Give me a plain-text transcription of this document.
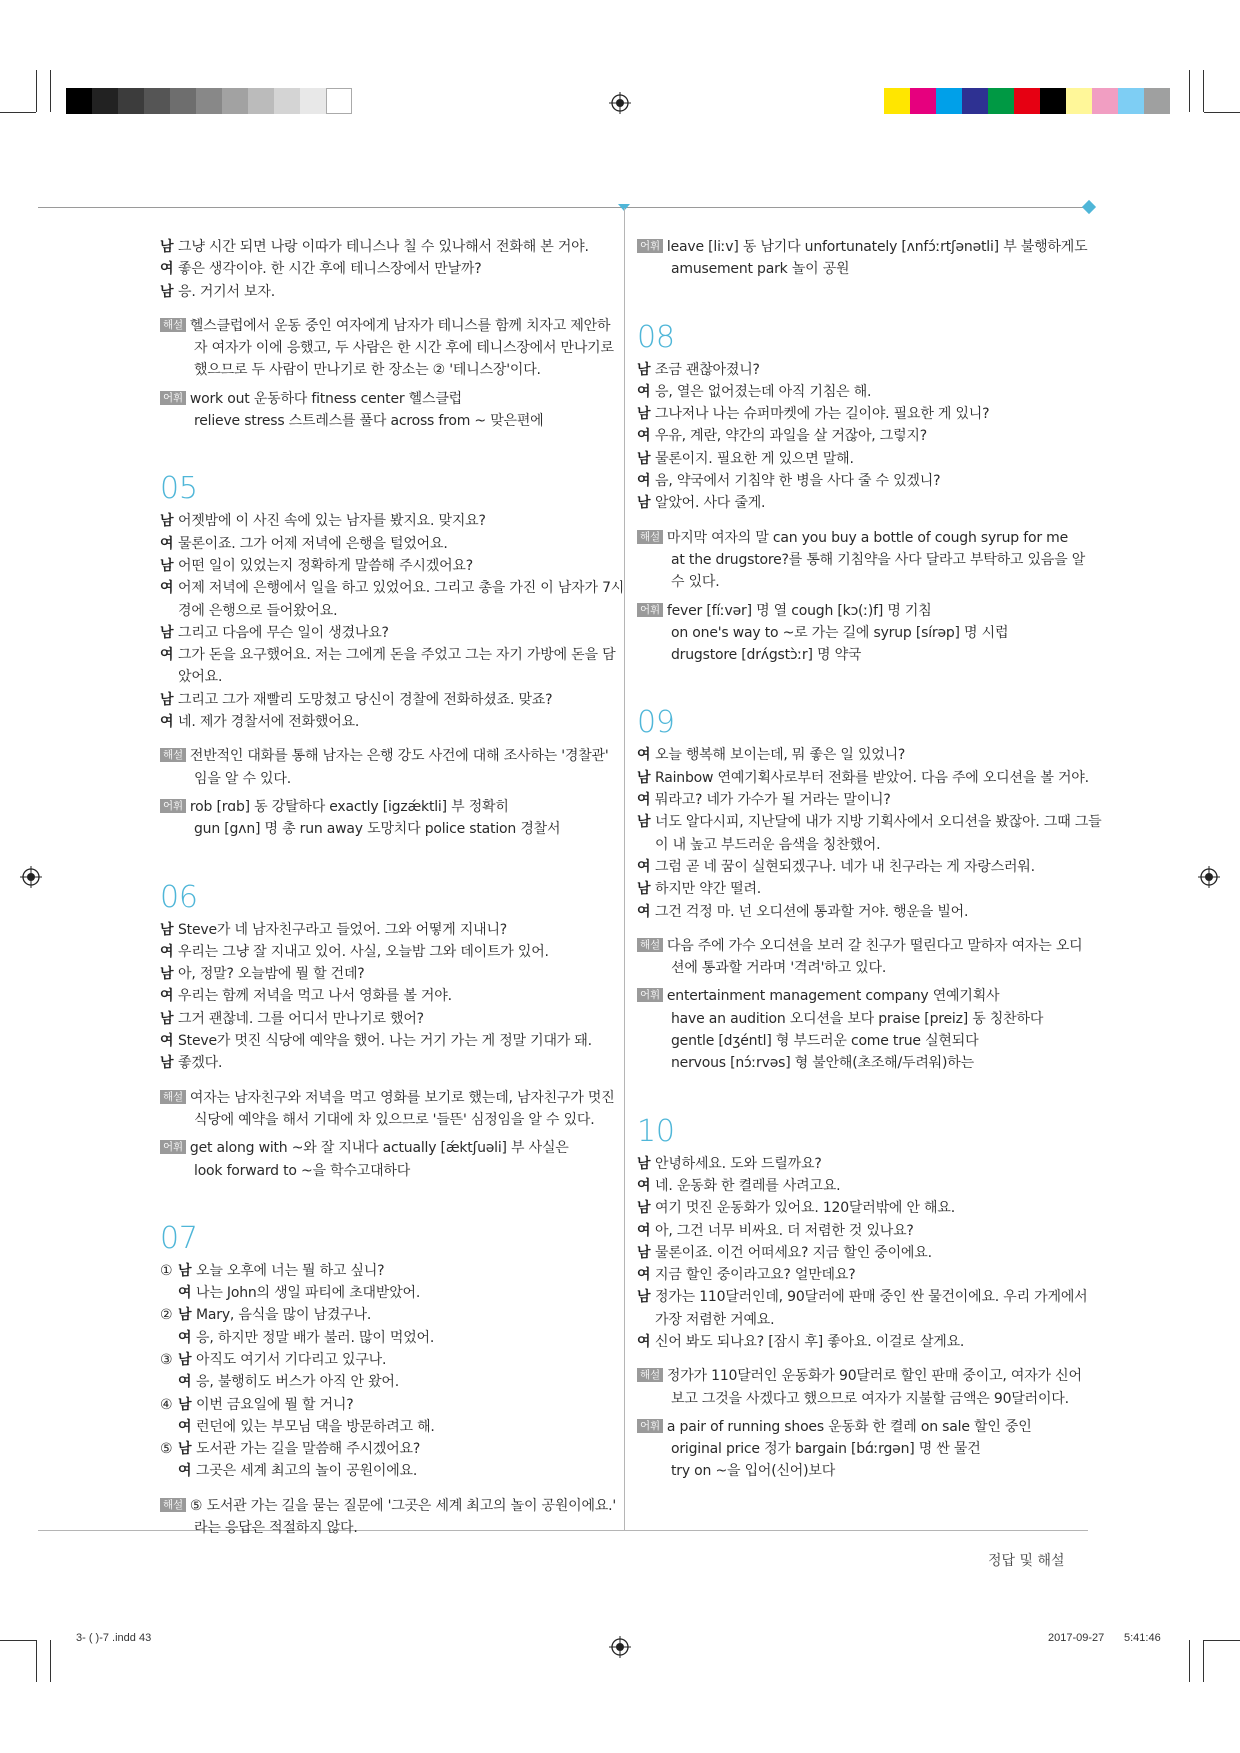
남 그냥 시간 되면 나랑 이따가 테니스나 칠 수 있나해서 전화해 본 거야.
여 좋은 생각이야. 한 시간 후에 테니스장에서 만날까?
남 응. 거기서 보자.
해설 헬스클럽에서 운동 중인 여자에게 남자가 테니스를 함께 치자고 제안하
자 여자가 이에 응했고, 두 사람은 한 시간 후에 테니스장에서 만나기로
했으므로 두 사람이 만나기로 한 장소는 ② '테니스장'이다.
어휘 work out 운동하다 fitness center 헬스클럽
relieve stress 스트레스를 풀다 across from ~ 맞은편에
05
남 어젯밤에 이 사진 속에 있는 남자를 봤지요. 맞지요?
여 물론이죠. 그가 어제 저녁에 은행을 털었어요.
남 어떤 일이 있었는지 정확하게 말씀해 주시겠어요?
여 어제 저녁에 은행에서 일을 하고 있었어요. 그리고 총을 가진 이 남자가 7시
경에 은행으로 들어왔어요.
남 그리고 다음에 무슨 일이 생겼나요?
여 그가 돈을 요구했어요. 저는 그에게 돈을 주었고 그는 자기 가방에 돈을 담
았어요.
남 그리고 그가 재빨리 도망쳤고 당신이 경찰에 전화하셨죠. 맞죠?
여 네. 제가 경찰서에 전화했어요.
해설 전반적인 대화를 통해 남자는 은행 강도 사건에 대해 조사하는 '경찰관'
임을 알 수 있다.
어휘 rob [rɑb] 동 강탈하다 exactly [igzǽktli] 부 정확히
gun [gʌn] 명 총 run away 도망치다 police station 경찰서
06
남 Steve가 네 남자친구라고 들었어. 그와 어떻게 지내니?
여 우리는 그냥 잘 지내고 있어. 사실, 오늘밤 그와 데이트가 있어.
남 아, 정말? 오늘밤에 뭘 할 건데?
여 우리는 함께 저녁을 먹고 나서 영화를 볼 거야.
남 그거 괜찮네. 그를 어디서 만나기로 했어?
여 Steve가 멋진 식당에 예약을 했어. 나는 거기 가는 게 정말 기대가 돼.
남 좋겠다.
해설 여자는 남자친구와 저녁을 먹고 영화를 보기로 했는데, 남자친구가 멋진
식당에 예약을 해서 기대에 차 있으므로 '들뜬' 심정임을 알 수 있다.
어휘 get along with ~와 잘 지내다 actually [ǽktʃuəli] 부 사실은
look forward to ~을 학수고대하다
07
① 남 오늘 오후에 너는 뭘 하고 싶니?
여 나는 John의 생일 파티에 초대받았어.
② 남 Mary, 음식을 많이 남겼구나.
여 응, 하지만 정말 배가 불러. 많이 먹었어.
③ 남 아직도 여기서 기다리고 있구나.
여 응, 불행히도 버스가 아직 안 왔어.
④ 남 이번 금요일에 뭘 할 거니?
여 런던에 있는 부모님 댁을 방문하려고 해.
⑤ 남 도서관 가는 길을 말씀해 주시겠어요?
여 그곳은 세계 최고의 놀이 공원이에요.
해설 ⑤ 도서관 가는 길을 묻는 질문에 '그곳은 세계 최고의 놀이 공원이에요.'
라는 응답은 적절하지 않다.
어휘 leave [liːv] 동 남기다 unfortunately [ʌnfɔ́ːrtʃənətli] 부 불행하게도
amusement park 놀이 공원
08
남 조금 괜찮아졌니?
여 응, 열은 없어졌는데 아직 기침은 해.
남 그나저나 나는 슈퍼마켓에 가는 길이야. 필요한 게 있니?
여 우유, 계란, 약간의 과일을 살 거잖아, 그렇지?
남 물론이지. 필요한 게 있으면 말해.
여 음, 약국에서 기침약 한 병을 사다 줄 수 있겠니?
남 알았어. 사다 줄게.
해설 마지막 여자의 말 can you buy a bottle of cough syrup for me
at the drugstore?를 통해 기침약을 사다 달라고 부탁하고 있음을 알
수 있다.
어휘 fever [fíːvər] 명 열 cough [kɔ(ː)f] 명 기침
on one's way to ~로 가는 길에 syrup [sírəp] 명 시럽
drugstore [drʌ́gstɔ̀ːr] 명 약국
09
여 오늘 행복해 보이는데, 뭐 좋은 일 있었니?
남 Rainbow 연예기획사로부터 전화를 받았어. 다음 주에 오디션을 볼 거야.
여 뭐라고? 네가 가수가 될 거라는 말이니?
남 너도 알다시피, 지난달에 내가 지방 기획사에서 오디션을 봤잖아. 그때 그들
이 내 높고 부드러운 음색을 칭찬했어.
여 그럼 곧 네 꿈이 실현되겠구나. 네가 내 친구라는 게 자랑스러워.
남 하지만 약간 떨려.
여 그건 걱정 마. 넌 오디션에 통과할 거야. 행운을 빌어.
해설 다음 주에 가수 오디션을 보러 갈 친구가 떨린다고 말하자 여자는 오디
션에 통과할 거라며 '격려'하고 있다.
어휘 entertainment management company 연예기획사
have an audition 오디션을 보다 praise [preiz] 동 칭찬하다
gentle [dʒéntl] 형 부드러운 come true 실현되다
nervous [nɔ́ːrvəs] 형 불안해(초조해/두려워)하는
10
남 안녕하세요. 도와 드릴까요?
여 네. 운동화 한 켤레를 사려고요.
남 여기 멋진 운동화가 있어요. 120달러밖에 안 해요.
여 아, 그건 너무 비싸요. 더 저렴한 것 있나요?
남 물론이죠. 이건 어떠세요? 지금 할인 중이에요.
여 지금 할인 중이라고요? 얼만데요?
남 정가는 110달러인데, 90달러에 판매 중인 싼 물건이에요. 우리 가게에서
가장 저렴한 거예요.
여 신어 봐도 되나요? [잠시 후] 좋아요. 이걸로 살게요.
해설 정가가 110달러인 운동화가 90달러로 할인 판매 중이고, 여자가 신어
보고 그것을 사겠다고 했으므로 여자가 지불할 금액은 90달러이다.
어휘 a pair of running shoes 운동화 한 켤레 on sale 할인 중인
original price 정가 bargain [bɑ́ːrgən] 명 싼 물건
try on ~을 입어(신어)보다
정답 및 해설
3- ( )-7 .indd 43	2017-09-27 5:41:46
